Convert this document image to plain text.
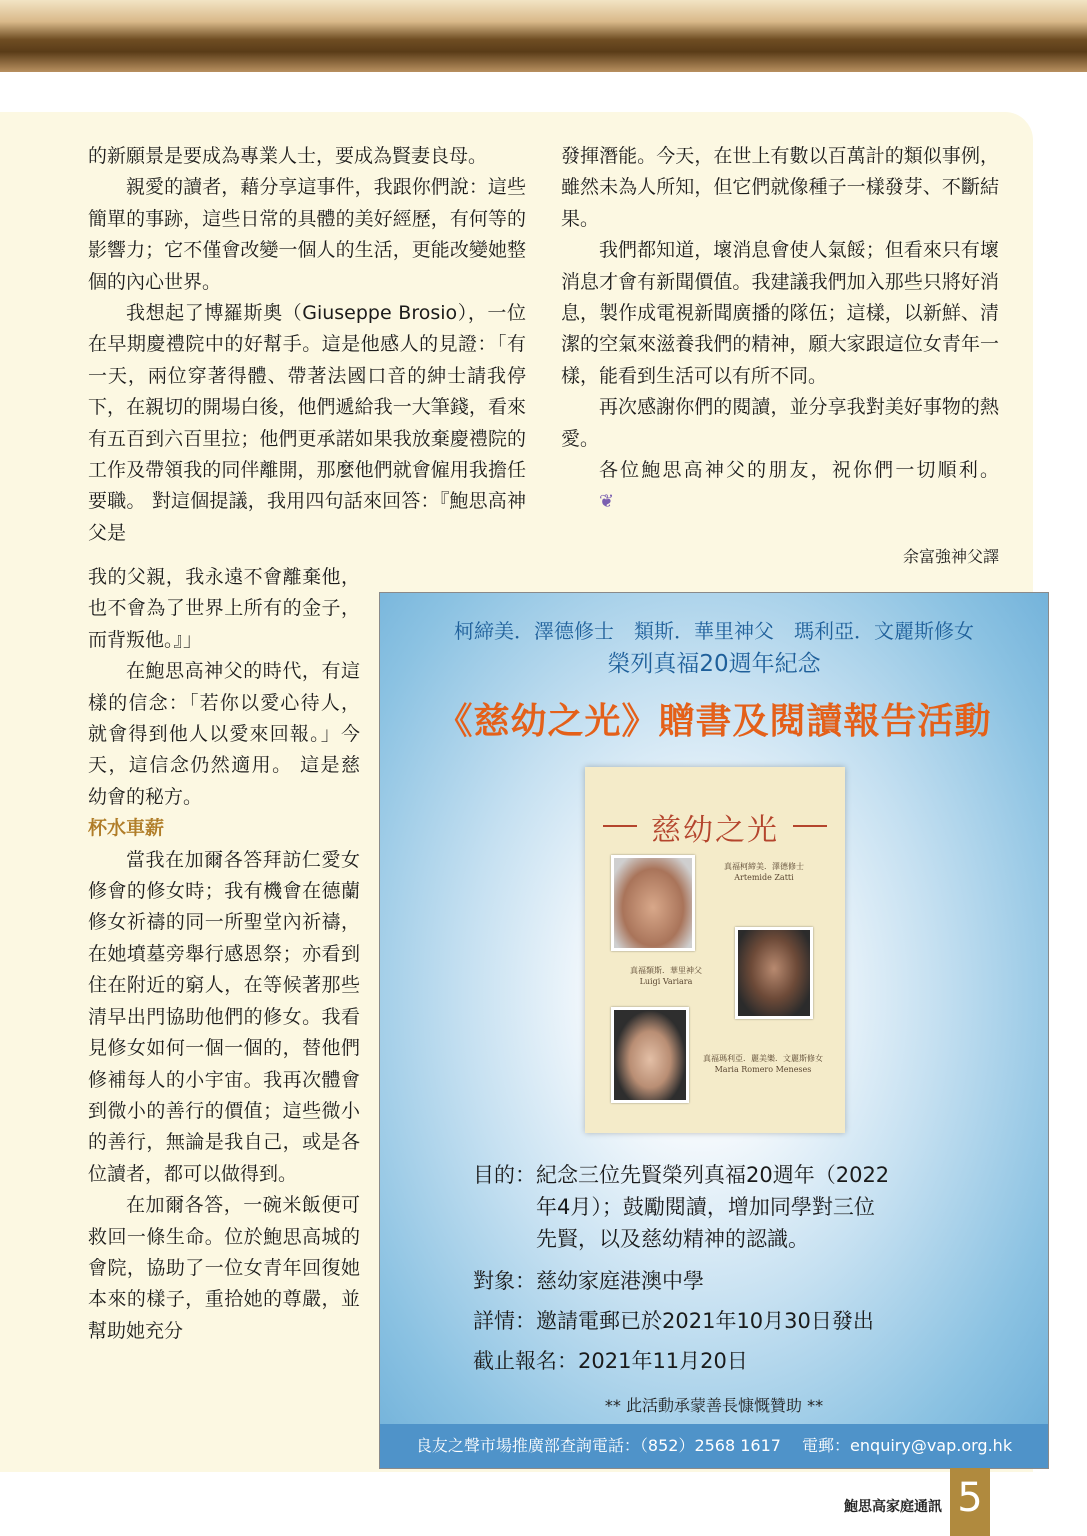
的新願景是要成為專業人士，要成為賢妻良母。

親愛的讀者，藉分享這事件，我跟你們說：這些簡單的事跡，這些日常的具體的美好經歷，有何等的影響力；它不僅會改變一個人的生活，更能改變她整個的內心世界。

我想起了博羅斯奧（Giuseppe Brosio），一位在早期慶禮院中的好幫手。這是他感人的見證：「有一天，兩位穿著得體、帶著法國口音的紳士請我停下，在親切的開場白後，他們遞給我一大筆錢，看來有五百到六百里拉；他們更承諾如果我放棄慶禮院的工作及帶領我的同伴離開，那麼他們就會僱用我擔任要職。 對這個提議，我用四句話來回答：『鮑思高神父是

我的父親，我永遠不會離棄他，也不會為了世界上所有的金子，而背叛他。』」

在鮑思高神父的時代，有這樣的信念：「若你以愛心待人，就會得到他人以愛來回報。」今天，這信念仍然適用。 這是慈幼會的秘方。

杯水車薪

當我在加爾各答拜訪仁愛女修會的修女時；我有機會在德蘭修女祈禱的同一所聖堂內祈禱，在她墳墓旁舉行感恩祭；亦看到住在附近的窮人，在等候著那些清早出門協助他們的修女。我看見修女如何一個一個的，替他們修補每人的小宇宙。我再次體會到微小的善行的價值；這些微小的善行，無論是我自己，或是各位讀者，都可以做得到。

在加爾各答，一碗米飯便可救回一條生命。位於鮑思高城的會院，協助了一位女青年回復她本來的樣子，重拾她的尊嚴，並幫助她充分

發揮潛能。今天，在世上有數以百萬計的類似事例，雖然未為人所知，但它們就像種子一樣發芽、不斷結果。

我們都知道，壞消息會使人氣餒；但看來只有壞消息才會有新聞價值。我建議我們加入那些只將好消息，製作成電視新聞廣播的隊伍；這樣，以新鮮、清潔的空氣來滋養我們的精神，願大家跟這位女青年一樣，能看到生活可以有所不同。

再次感謝你們的閱讀，並分享我對美好事物的熱愛。

各位鮑思高神父的朋友，祝你們一切順利。❦

余富強神父譯
柯締美．澤德修士　類斯．華里神父　瑪利亞．文麗斯修女
榮列真福20週年紀念
《慈幼之光》贈書及閱讀報告活動
慈幼之光
真福柯締美．澤德修士
Artemide Zatti
真福類斯．華里神父
Luigi Variara
真福瑪利亞．麗美樂．文麗斯修女
Maria Romero Meneses
目的：紀念三位先賢榮列真福20週年（2022
年4月）；鼓勵閱讀，增加同學對三位
先賢，以及慈幼精神的認識。
對象：慈幼家庭港澳中學
詳情：邀請電郵已於2021年10月30日發出
截止報名：2021年11月20日
** 此活動承蒙善長慷慨贊助 **
良友之聲市場推廣部查詢電話：（852）2568 1617　 電郵：enquiry@vap.org.hk
鮑思高家庭通訊 5
